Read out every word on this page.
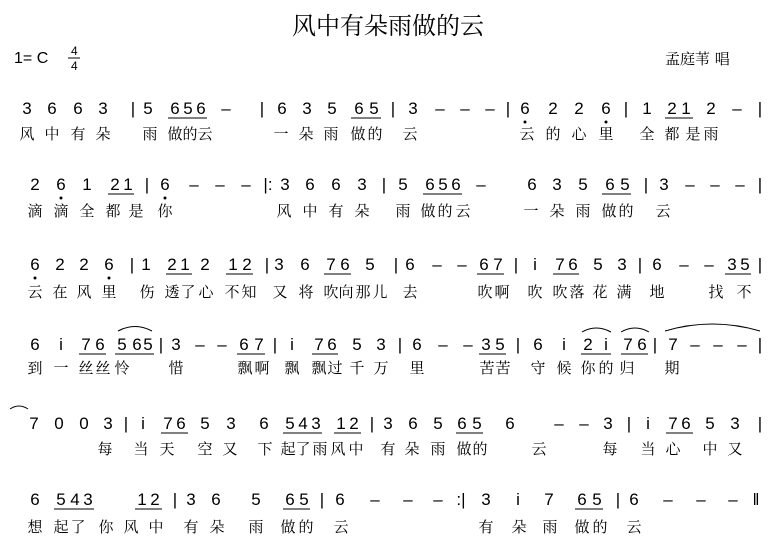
风中有朵雨做的云
1= C 4
4	孟庭苇 唱
3 6 6 3 | 5 6 5 6 – | 6 3 5 6 5 | 3 – – – | 6 2 2 6 | 1 2 1 2 – |
风 中 有 朵 雨 做 的 云	一 朵 雨 做 的 云	云 的 心 里 全 都 是 雨
2 6 1 2 1 | 6 – – – |: 3 6 6 3 | 5 6 5 6 – 6 3 5 6 5 | 3 – – – |
滴 滴 全 都 是 你	风 中 有 朵 雨 做 的 云	一 朵 雨 做 的 云
6 2 2 6 | 1 2 1 2 1 2 | 3 6 7 6 5 | 6 – – 6 7 | i 7 6 5 3 | 6 – – 3 5 |
云 在 风 里 伤 透 了 心 不 知 又 将 吹 向 那 儿 去	吹 啊 吹 吹 落 花 满 地	找 不
6 i 7 6 5 6 5 | 3 – – 6 7 | i 7 6 5 3 | 6 – – 3 5 | 6 i 2 i 7 6 | 7 – – – |
到 一 丝 丝 怜	惜	飘 啊 飘 飘 过 千 万 里	苦 苦 守 候 你 的 归 期
7 0 0 3 | i 7 6 5 3 6 5 4 3 1 2 | 3 6 5 6 5 6 – – 3 | i 7 6 5 3 |
每 当 天 空 又 下 起 了 雨 风 中 有 朵 雨 做 的	云	每 当 心 中 又
6 5 4 3	1 2 | 3 6 5 6 5 | 6 – – – :| 3 i 7 6 5 | 6 – – – ‖
想 起 了 你 风 中 有 朵 雨 做 的 云	有 朵 雨 做 的 云
